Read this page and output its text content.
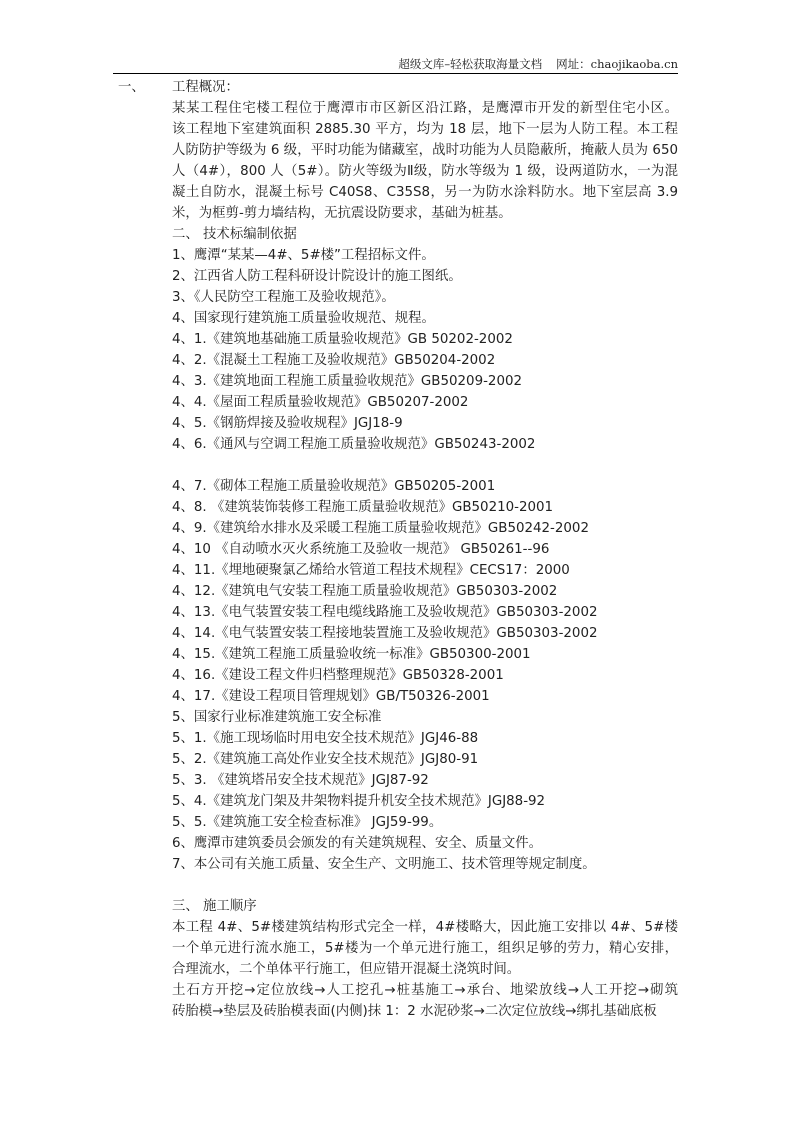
超级文库–轻松获取海量文档 网址：chaojikaoba.cn
一、 工程概况：
某某工程住宅楼工程位于鹰潭市市区新区沿江路，是鹰潭市开发的新型住宅小区。
该工程地下室建筑面积 2885.30 平方，均为 18 层，地下一层为人防工程。本工程
人防防护等级为 6 级，平时功能为储藏室，战时功能为人员隐蔽所，掩蔽人员为 650
人（4#），800 人（5#）。防火等级为Ⅱ级，防水等级为 1 级，设两道防水，一为混
凝土自防水，混凝土标号 C40S8、C35S8，另一为防水涂料防水。地下室层高 3.9
米，为框剪-剪力墙结构，无抗震设防要求，基础为桩基。
二、 技术标编制依据
1、鹰潭“某某—4#、5#楼”工程招标文件。
2、江西省人防工程科研设计院设计的施工图纸。
3、《人民防空工程施工及验收规范》。
4、国家现行建筑施工质量验收规范、规程。
4、1.《建筑地基础施工质量验收规范》GB 50202-2002
4、2.《混凝土工程施工及验收规范》GB50204-2002
4、3.《建筑地面工程施工质量验收规范》GB50209-2002
4、4.《屋面工程质量验收规范》GB50207-2002
4、5.《钢筋焊接及验收规程》JGJ18-9
4、6.《通风与空调工程施工质量验收规范》GB50243-2002
4、7.《砌体工程施工质量验收规范》GB50205-2001
4、8. 《建筑装饰装修工程施工质量验收规范》GB50210-2001
4、9.《建筑给水排水及采暖工程施工质量验收规范》GB50242-2002
4、10 《自动喷水灭火系统施工及验收一规范》 GB50261--96
4、11.《埋地硬聚氯乙烯给水管道工程技术规程》CECS17：2000
4、12.《建筑电气安装工程施工质量验收规范》GB50303-2002
4、13.《电气装置安装工程电缆线路施工及验收规范》GB50303-2002
4、14.《电气装置安装工程接地装置施工及验收规范》GB50303-2002
4、15.《建筑工程施工质量验收统一标准》GB50300-2001
4、16.《建设工程文件归档整理规范》GB50328-2001
4、17.《建设工程项目管理规划》GB/T50326-2001
5、国家行业标准建筑施工安全标准
5、1.《施工现场临时用电安全技术规范》JGJ46-88
5、2.《建筑施工高处作业安全技术规范》JGJ80-91
5、3. 《建筑塔吊安全技术规范》JGJ87-92
5、4.《建筑龙门架及井架物料提升机安全技术规范》JGJ88-92
5、5.《建筑施工安全检查标准》 JGJ59-99。
6、鹰潭市建筑委员会颁发的有关建筑规程、安全、质量文件。
7、本公司有关施工质量、安全生产、文明施工、技术管理等规定制度。
三、 施工顺序
本工程 4#、5#楼建筑结构形式完全一样，4#楼略大，因此施工安排以 4#、5#楼
一个单元进行流水施工，5#楼为一个单元进行施工，组织足够的劳力，精心安排，
合理流水，二个单体平行施工，但应错开混凝土浇筑时间。
土石方开挖→定位放线→人工挖孔→桩基施工→承台、地梁放线→人工开挖→砌筑
砖胎模→垫层及砖胎模表面(内侧)抹 1：2 水泥砂浆→二次定位放线→绑扎基础底板
